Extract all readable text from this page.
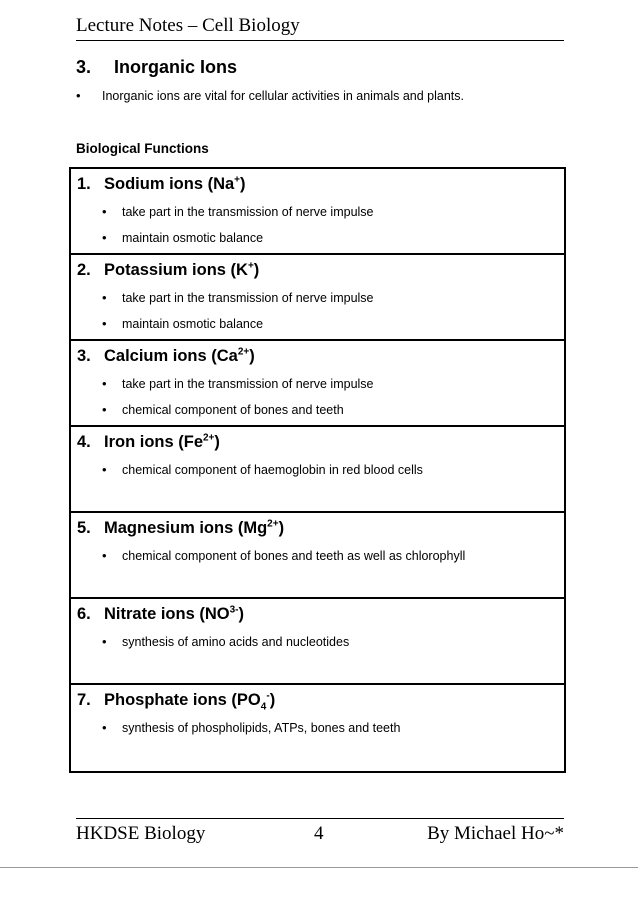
Lecture Notes – Cell Biology
3. Inorganic Ions
• Inorganic ions are vital for cellular activities in animals and plants.
Biological Functions
1. Sodium ions (Na+)
• take part in the transmission of nerve impulse
• maintain osmotic balance
2. Potassium ions (K+)
• take part in the transmission of nerve impulse
• maintain osmotic balance
3. Calcium ions $(Ca^{2+})$
• take part in the transmission of nerve impulse
• chemical component of bones and teeth
4. Iron ions $(Fe^{2+})$
• chemical component of haemoglobin in red blood cells
5. Magnesium ions $(Mg^{2+})$
• chemical component of bones and teeth as well as chlorophyll
6. Nitrate ions $(NO^{3-})$
• synthesis of amino acids and nucleotides
7. Phosphate ions $(PO_4^-)$
• synthesis of phospholipids, ATPs, bones and teeth
HKDSE Biology	4	By Michael Ho~*
